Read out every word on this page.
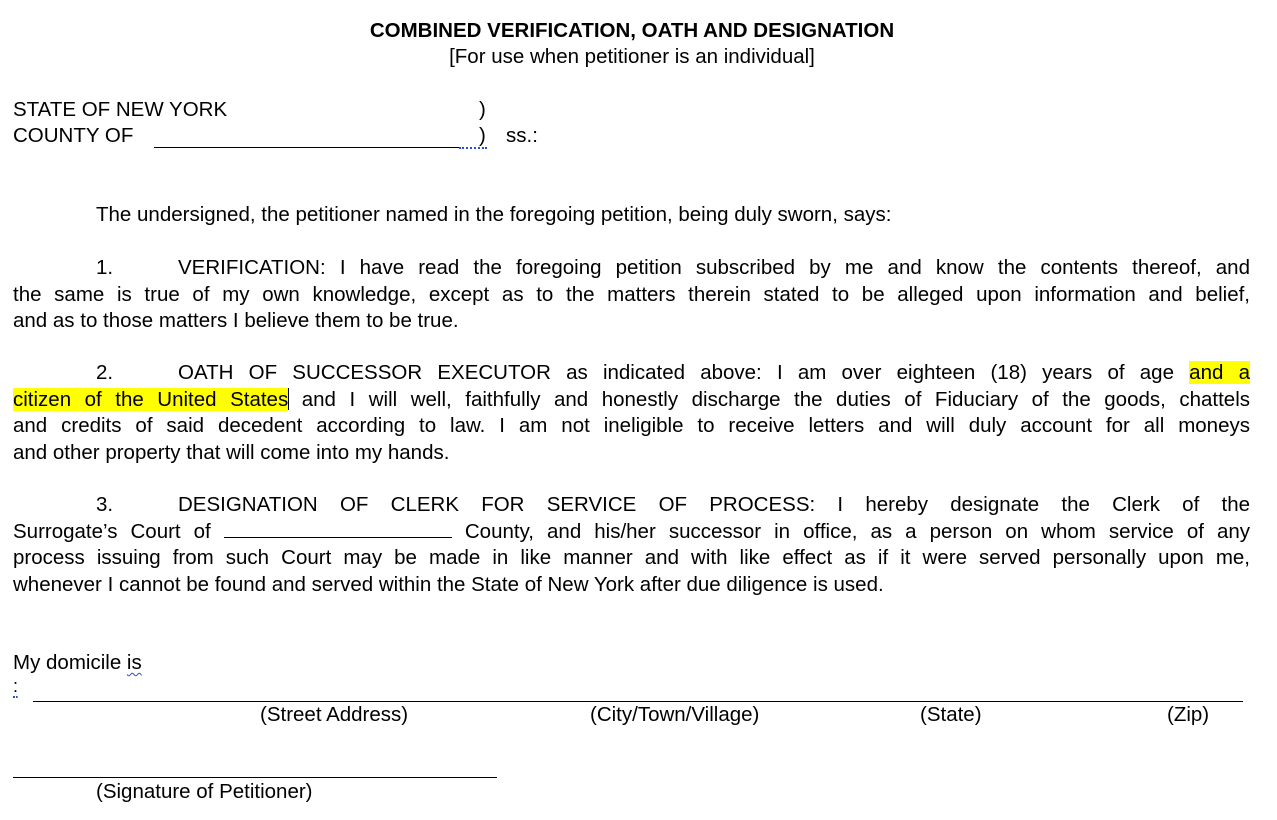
COMBINED VERIFICATION, OATH AND DESIGNATION
[For use when petitioner is an individual]
STATE OF NEW YORK	)
COUNTY OF	) ss.:
The undersigned, the petitioner named in the foregoing petition, being duly sworn, says:
1.	VERIFICATION: I have read the foregoing petition subscribed by me and know the contents thereof, and
the same is true of my own knowledge, except as to the matters therein stated to be alleged upon information and belief,
and as to those matters I believe them to be true.
2.	OATH OF SUCCESSOR EXECUTOR as indicated above: I am over eighteen (18) years of age and a
citizen of the United States and I will well, faithfully and honestly discharge the duties of Fiduciary of the goods, chattels
and credits of said decedent according to law. I am not ineligible to receive letters and will duly account for all moneys
and other property that will come into my hands.
3.	DESIGNATION OF CLERK FOR SERVICE OF PROCESS: I hereby designate the Clerk of the
Surrogate’s Court of	County, and his/her successor in office, as a person on whom service of any
process issuing from such Court may be made in like manner and with like effect as if it were served personally upon me,
whenever I cannot be found and served within the State of New York after due diligence is used.
My domicile is
:
(Street Address)	(City/Town/Village)	(State)	(Zip)
(Signature of Petitioner)
